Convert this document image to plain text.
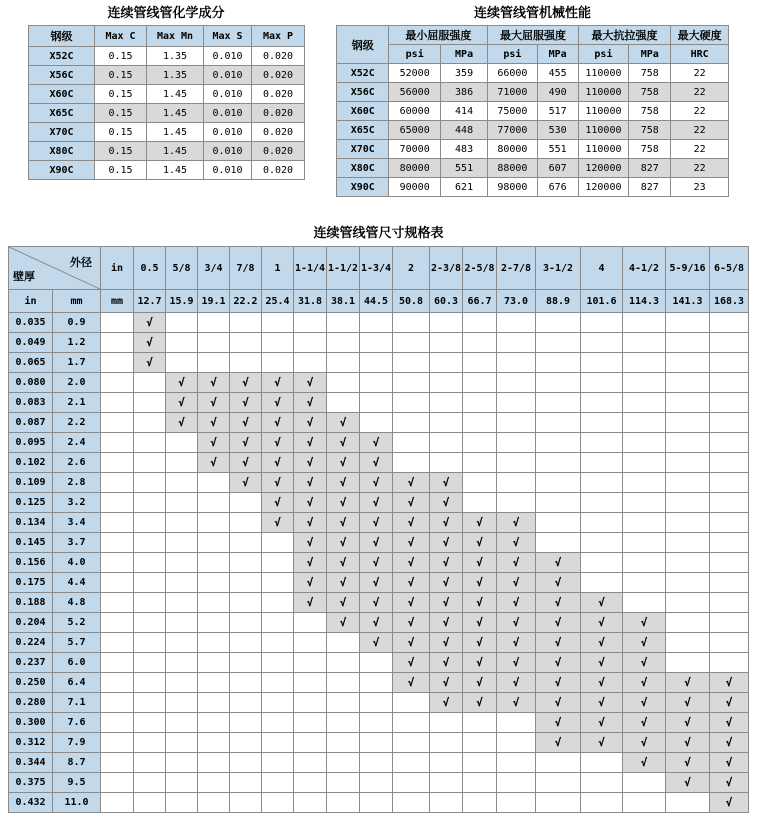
连续管线管化学成分
钢级	Max C	Max Mn	Max S	Max P
X52C	0.15	1.35	0.010	0.020
X56C	0.15	1.35	0.010	0.020
X60C	0.15	1.45	0.010	0.020
X65C	0.15	1.45	0.010	0.020
X70C	0.15	1.45	0.010	0.020
X80C	0.15	1.45	0.010	0.020
X90C	0.15	1.45	0.010	0.020
连续管线管机械性能
钢级	最小屈服强度		最大屈服强度		最大抗拉强度		最大硬度
	psi	MPa	psi	MPa	psi	MPa	HRC
X52C	52000	359	66000	455	110000	758	22
X56C	56000	386	71000	490	110000	758	22
X60C	60000	414	75000	517	110000	758	22
X65C	65000	448	77000	530	110000	758	22
X70C	70000	483	80000	551	110000	758	22
X80C	80000	551	88000	607	120000	827	22
X90C	90000	621	98000	676	120000	827	23
连续管线管尺寸规格表
外径
壁厚		in	0.5	5/8	3/4	7/8	1	1-1/4	1-1/2	1-3/4	2	2-3/8	2-5/8	2-7/8	3-1/2	4	4-1/2	5-9/16	6-5/8
in	mm	mm	12.7	15.9	19.1	22.2	25.4	31.8	38.1	44.5	50.8	60.3	66.7	73.0	88.9	101.6	114.3	141.3	168.3
0.035	0.9		√																
0.049	1.2		√																
0.065	1.7		√																
0.080	2.0			√	√	√	√	√											
0.083	2.1			√	√	√	√	√											
0.087	2.2			√	√	√	√	√	√										
0.095	2.4				√	√	√	√	√	√									
0.102	2.6				√	√	√	√	√	√									
0.109	2.8					√	√	√	√	√	√	√							
0.125	3.2						√	√	√	√	√	√							
0.134	3.4						√	√	√	√	√	√	√	√					
0.145	3.7							√	√	√	√	√	√	√					
0.156	4.0							√	√	√	√	√	√	√	√				
0.175	4.4							√	√	√	√	√	√	√	√				
0.188	4.8							√	√	√	√	√	√	√	√	√			
0.204	5.2								√	√	√	√	√	√	√	√	√		
0.224	5.7									√	√	√	√	√	√	√	√		
0.237	6.0										√	√	√	√	√	√	√		
0.250	6.4										√	√	√	√	√	√	√	√	√
0.280	7.1											√	√	√	√	√	√	√	√
0.300	7.6														√	√	√	√	√
0.312	7.9														√	√	√	√	√
0.344	8.7																√	√	√
0.375	9.5																	√	√
0.432	11.0																		√
